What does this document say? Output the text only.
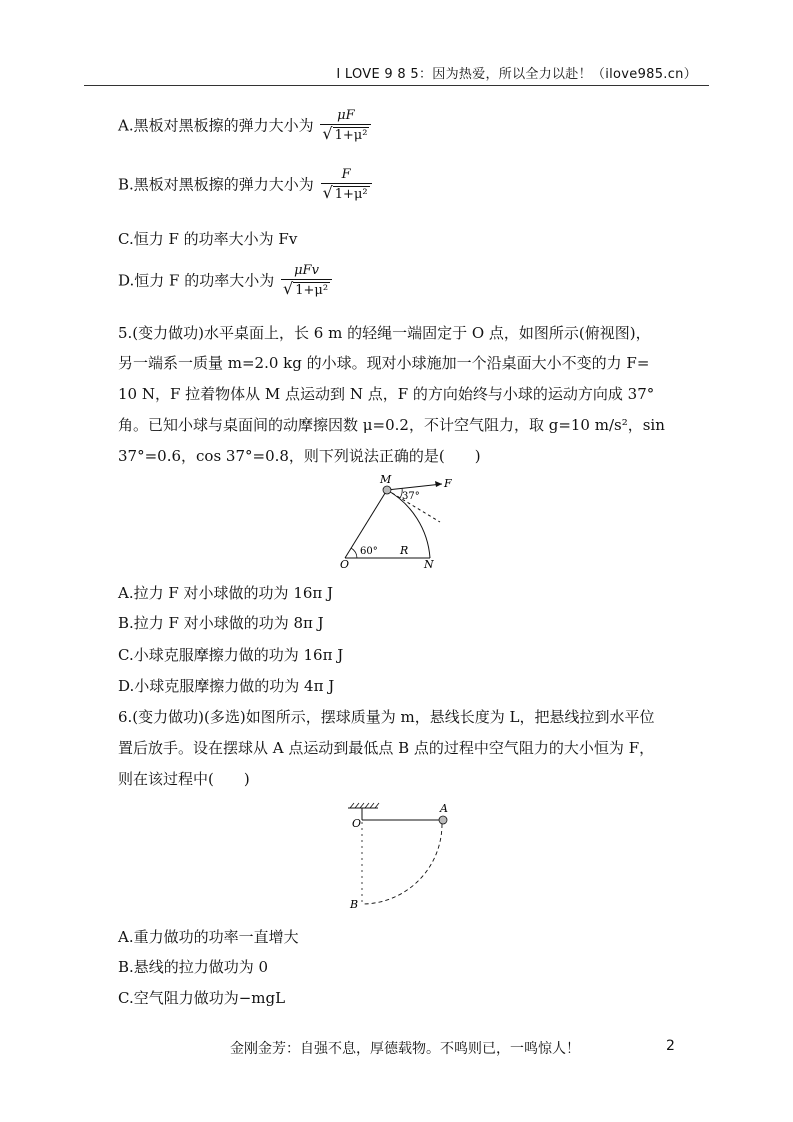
I LOVE 9 8 5：因为热爱，所以全力以赴！（ilove985.cn）
A.黑板对黑板擦的弹力大小为 $\frac{\mu F}{\text{√ 1+μ²}}$
B.黑板对黑板擦的弹力大小为 $\frac{F}{\text{√ 1+μ²}}$
C.恒力 F 的功率大小为 Fv
D.恒力 F 的功率大小为 $\frac{\text{μFv}}{\text{√ 1+μ²}}$
5.(变力做功)水平桌面上，长 6 m 的轻绳一端固定于 O 点，如图所示(俯视图)，
另一端系一质量 m=2.0 kg 的小球。现对小球施加一个沿桌面大小不变的力 F=
10 N，F 拉着物体从 M 点运动到 N 点，F 的方向始终与小球的运动方向成 37°
角。已知小球与桌面间的动摩擦因数 μ=0.2，不计空气阻力，取 g=10 m/s²，sin
37°=0.6，cos 37°=0.8，则下列说法正确的是(　　)
M	F
37°
O
60° R
N
A.拉力 F 对小球做的功为 16π J
B.拉力 F 对小球做的功为 8π J
C.小球克服摩擦力做的功为 16π J
D.小球克服摩擦力做的功为 4π J
6.(变力做功)(多选)如图所示，摆球质量为 m，悬线长度为 L，把悬线拉到水平位
置后放手。设在摆球从 A 点运动到最低点 B 点的过程中空气阻力的大小恒为 F，
则在该过程中(　　)
O
A
B
A.重力做功的功率一直增大
B.悬线的拉力做功为 0
C.空气阻力做功为−mgL
金刚金芳：自强不息，厚德载物。不鸣则已，一鸣惊人！	2
